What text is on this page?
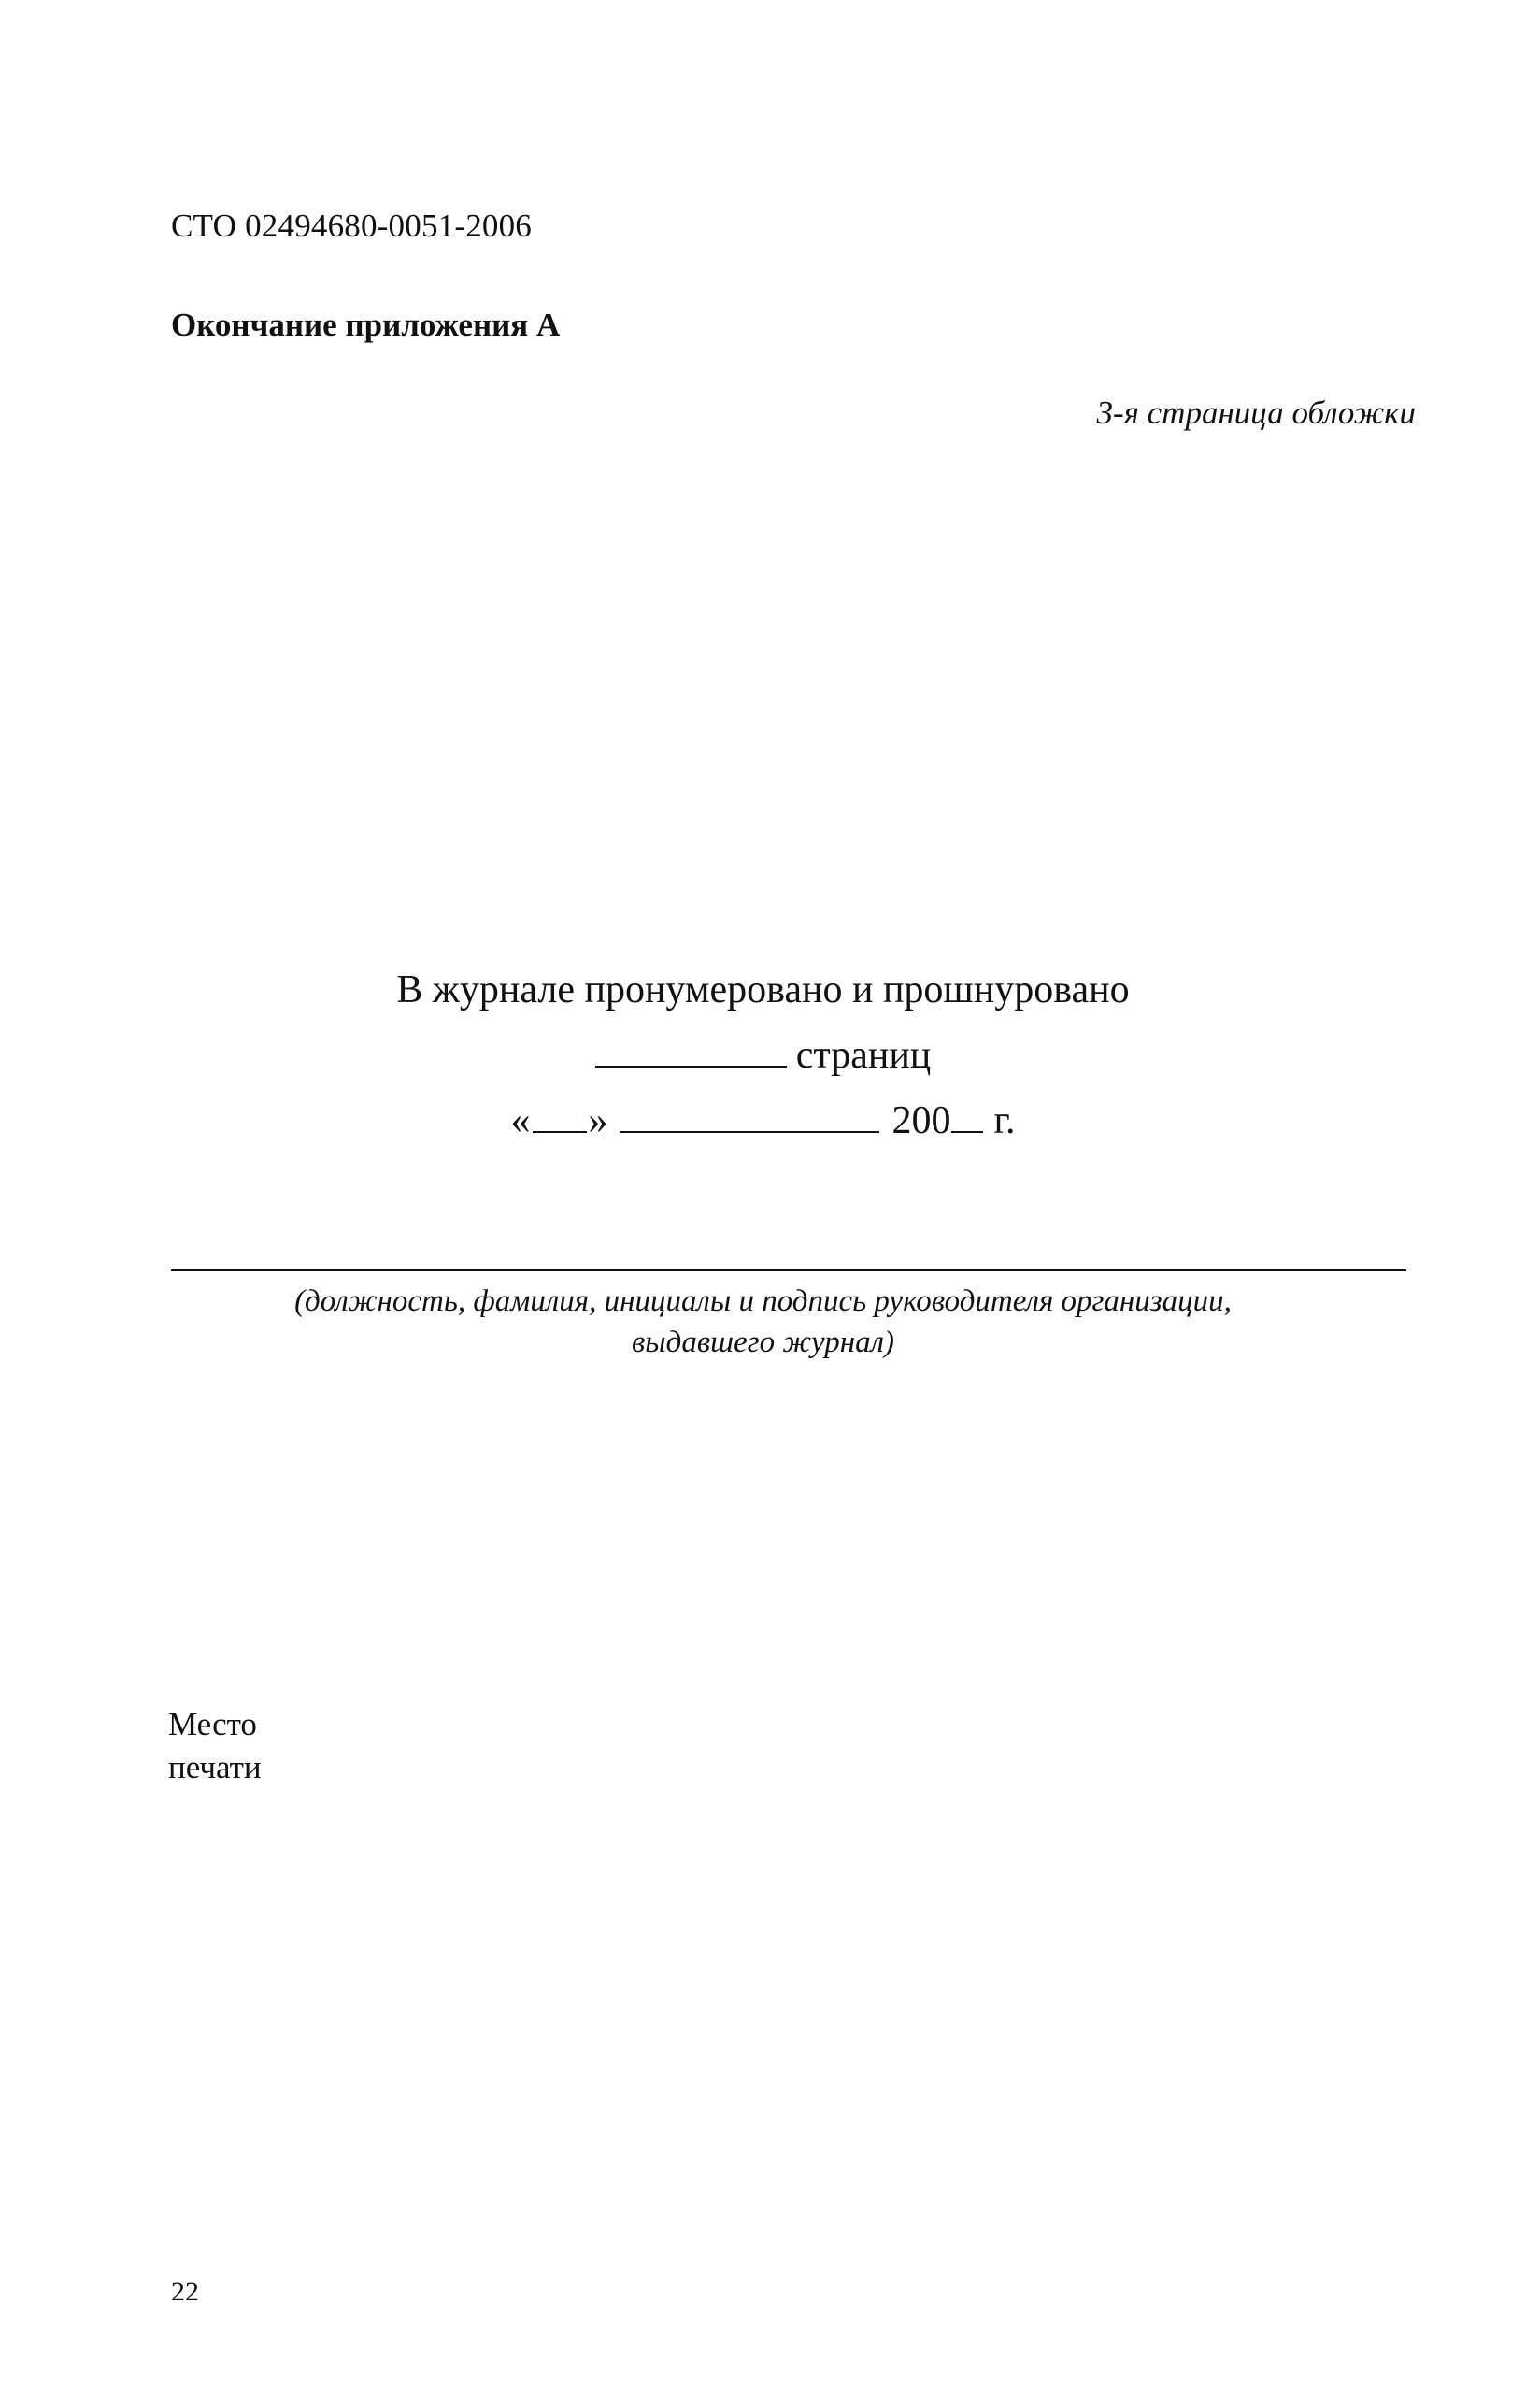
СТО 02494680-0051-2006
Окончание приложения А
3-я страница обложки
В журнале пронумеровано и прошнуровано
страниц
« »	200 г.
(должность, фамилия, инициалы и подпись руководителя организации,
выдавшего журнал)
Место
печати
22
